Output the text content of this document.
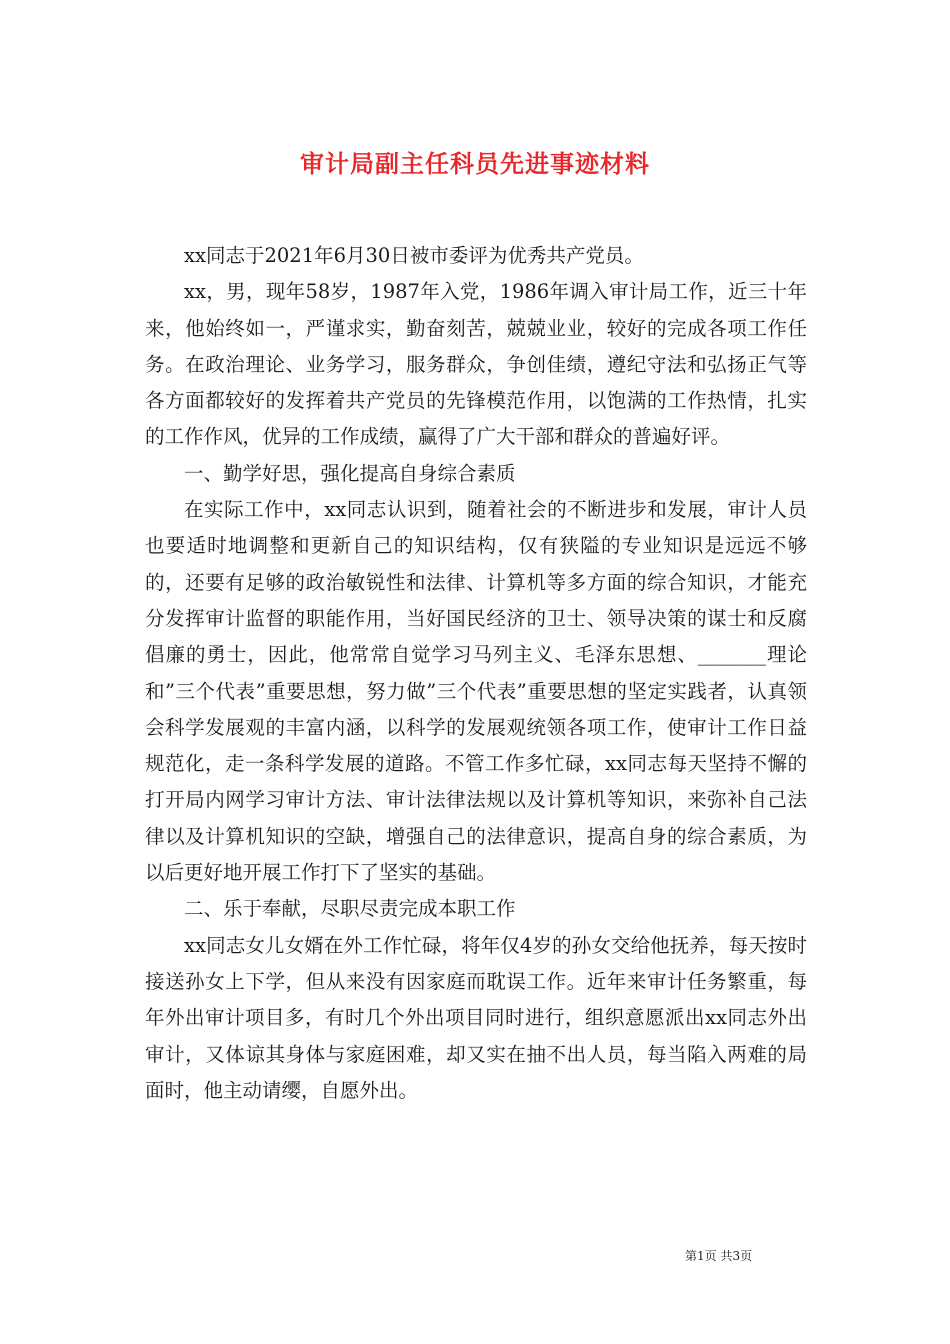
审计局副主任科员先进事迹材料

xx同志于2021年6月30日被市委评为优秀共产党员。

xx，男，现年58岁，1987年入党，1986年调入审计局工作，近三十年来，他始终如一，严谨求实，勤奋刻苦，兢兢业业，较好的完成各项工作任务。在政治理论、业务学习，服务群众，争创佳绩，遵纪守法和弘扬正气等各方面都较好的发挥着共产党员的先锋模范作用，以饱满的工作热情，扎实的工作作风，优异的工作成绩，赢得了广大干部和群众的普遍好评。

一、勤学好思，强化提高自身综合素质

在实际工作中，xx同志认识到，随着社会的不断进步和发展，审计人员也要适时地调整和更新自己的知识结构，仅有狭隘的专业知识是远远不够的，还要有足够的政治敏锐性和法律、计算机等多方面的综合知识，才能充分发挥审计监督的职能作用，当好国民经济的卫士、领导决策的谋士和反腐倡廉的勇士，因此，他常常自觉学习马列主义、毛泽东思想、_______理论和”三个代表”重要思想，努力做”三个代表”重要思想的坚定实践者，认真领会科学发展观的丰富内涵，以科学的发展观统领各项工作，使审计工作日益规范化，走一条科学发展的道路。不管工作多忙碌，xx同志每天坚持不懈的打开局内网学习审计方法、审计法律法规以及计算机等知识，来弥补自己法律以及计算机知识的空缺，增强自己的法律意识，提高自身的综合素质，为以后更好地开展工作打下了坚实的基础。

二、乐于奉献，尽职尽责完成本职工作

xx同志女儿女婿在外工作忙碌，将年仅4岁的孙女交给他抚养，每天按时接送孙女上下学，但从来没有因家庭而耽误工作。近年来审计任务繁重，每年外出审计项目多，有时几个外出项目同时进行，组织意愿派出xx同志外出审计，又体谅其身体与家庭困难，却又实在抽不出人员，每当陷入两难的局面时，他主动请缨，自愿外出。

第1页 共3页
